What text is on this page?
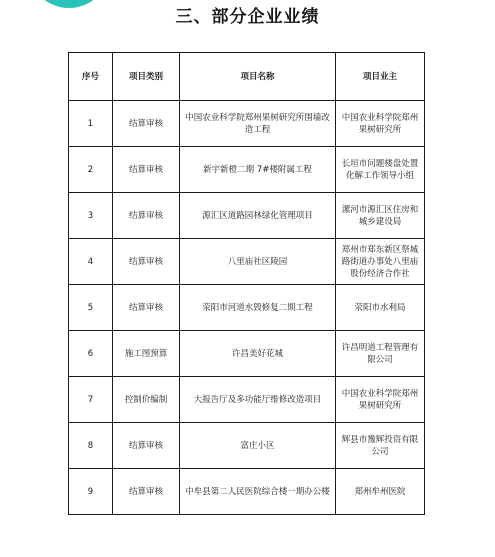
三、部分企业业绩
序号	项目类别	项目名称	项目业主
1	结算审核	中国农业科学院郑州果树研究所围墙改造工程	中国农业科学院郑州果树研究所
2	结算审核	新宇新橙二期 7#楼附属工程	长垣市问题楼盘处置化解工作领导小组
3	结算审核	源汇区道路园林绿化管理项目	漯河市源汇区住房和城乡建设局
4	结算审核	八里庙社区陵园	郑州市郑东新区祭城路街道办事处八里庙股份经济合作社
5	结算审核	荥阳市河道水毁修复二期工程	荥阳市水利局
6	施工图预算	许昌美好花城	许昌明道工程管理有限公司
7	控制价编制	大报告厅及多功能厅维修改造项目	中国农业科学院郑州果树研究所
8	结算审核	富庄小区	辉县市豫辉投资有限公司
9	结算审核	中牟县第二人民医院综合楼一期办公楼	郑州牟州医院
